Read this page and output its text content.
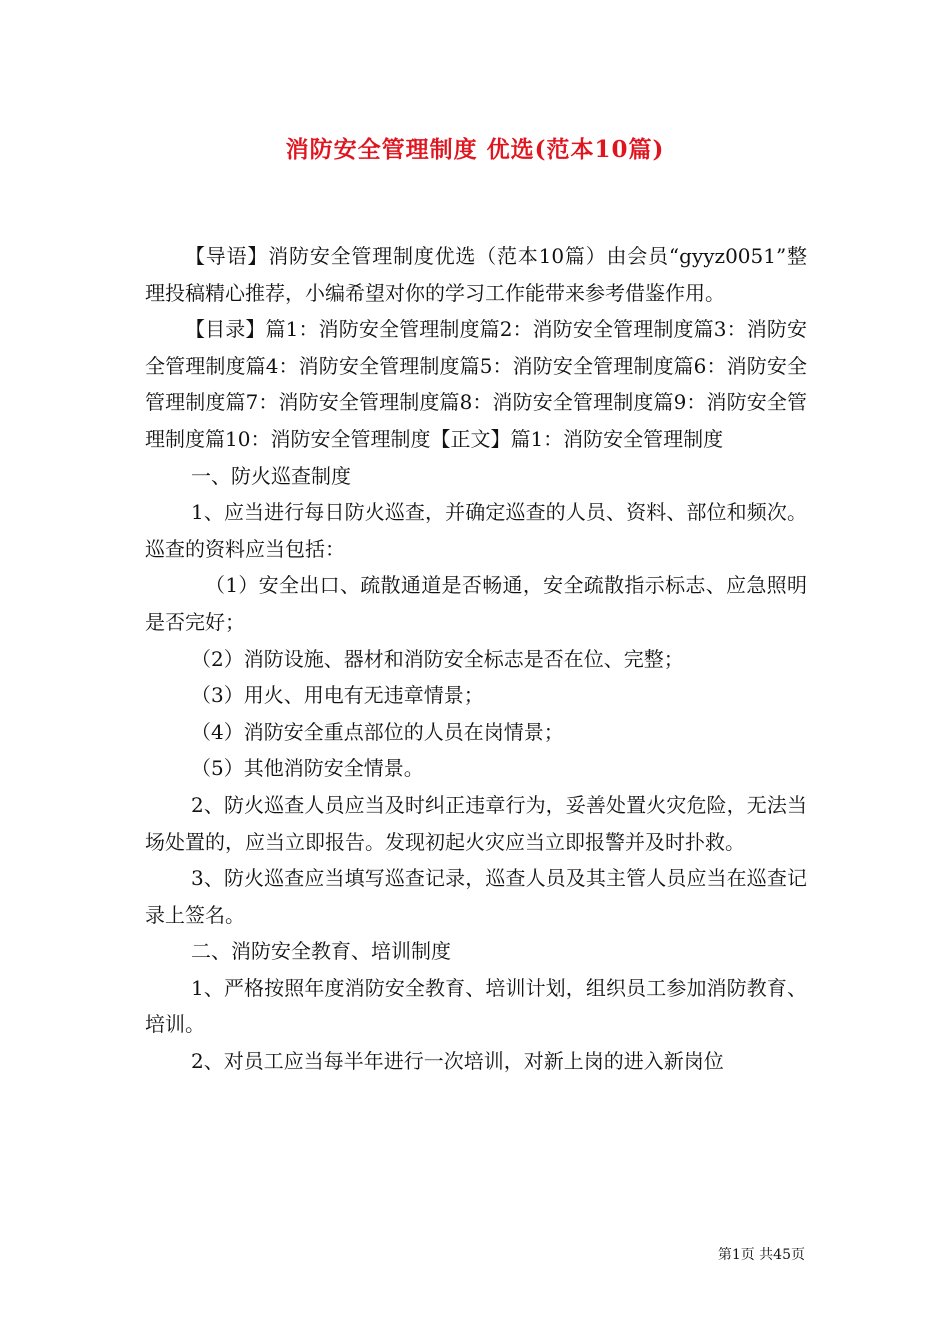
消防安全管理制度 优选(范本10篇)

【导语】消防安全管理制度优选（范本10篇）由会员“gyyz0051”整理投稿精心推荐，小编希望对你的学习工作能带来参考借鉴作用。

【目录】篇1：消防安全管理制度篇2：消防安全管理制度篇3：消防安全管理制度篇4：消防安全管理制度篇5：消防安全管理制度篇6：消防安全管理制度篇7：消防安全管理制度篇8：消防安全管理制度篇9：消防安全管理制度篇10：消防安全管理制度【正文】篇1：消防安全管理制度

一、防火巡查制度

1、应当进行每日防火巡查，并确定巡查的人员、资料、部位和频次。巡查的资料应当包括：

（1）安全出口、疏散通道是否畅通，安全疏散指示标志、应急照明是否完好；

（2）消防设施、器材和消防安全标志是否在位、完整；

（3）用火、用电有无违章情景；

（4）消防安全重点部位的人员在岗情景；

（5）其他消防安全情景。

2、防火巡查人员应当及时纠正违章行为，妥善处置火灾危险，无法当场处置的，应当立即报告。发现初起火灾应当立即报警并及时扑救。

3、防火巡查应当填写巡查记录，巡查人员及其主管人员应当在巡查记录上签名。

二、消防安全教育、培训制度

1、严格按照年度消防安全教育、培训计划，组织员工参加消防教育、培训。

2、对员工应当每半年进行一次培训，对新上岗的进入新岗位

第1页 共45页
